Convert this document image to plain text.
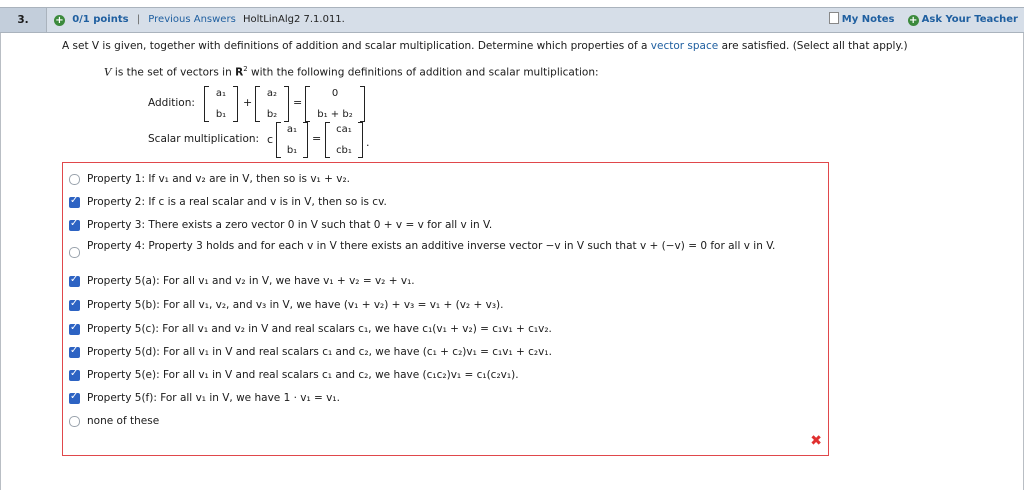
3.	+ 0/1 points | Previous Answers HoltLinAlg2 7.1.011.	My Notes + Ask Your Teacher
A set V is given, together with definitions of addition and scalar multiplication. Determine which properties of a vector space are satisfied. (Select all that apply.)
V is the set of vectors in $R^2$ with the following definitions of addition and scalar multiplication:
Addition:
a₁
b₁
+
a₂
b₂
=
0
b₁ + b₂
Scalar multiplication: c
a₁
b₁
=
ca₁
cb₁
.
Property 1: If v₁ and v₂ are in V, then so is v₁ + v₂.
✓
Property 2: If c is a real scalar and v is in V, then so is cv.
✓
Property 3: There exists a zero vector 0 in V such that 0 + v = v for all v in V.
Property 4: Property 3 holds and for each v in V there exists an additive inverse vector −v in V such that v + (−v) = 0 for all v in V.
✓
Property 5(a): For all v₁ and v₂ in V, we have v₁ + v₂ = v₂ + v₁.
✓
Property 5(b): For all v₁, v₂, and v₃ in V, we have (v₁ + v₂) + v₃ = v₁ + (v₂ + v₃).
✓
Property 5(c): For all v₁ and v₂ in V and real scalars c₁, we have c₁(v₁ + v₂) = c₁v₁ + c₁v₂.
✓
Property 5(d): For all v₁ in V and real scalars c₁ and c₂, we have (c₁ + c₂)v₁ = c₁v₁ + c₂v₁.
✓
Property 5(e): For all v₁ in V and real scalars c₁ and c₂, we have (c₁c₂)v₁ = c₁(c₂v₁).
✓
Property 5(f): For all v₁ in V, we have 1 · v₁ = v₁.
none of these
✖
